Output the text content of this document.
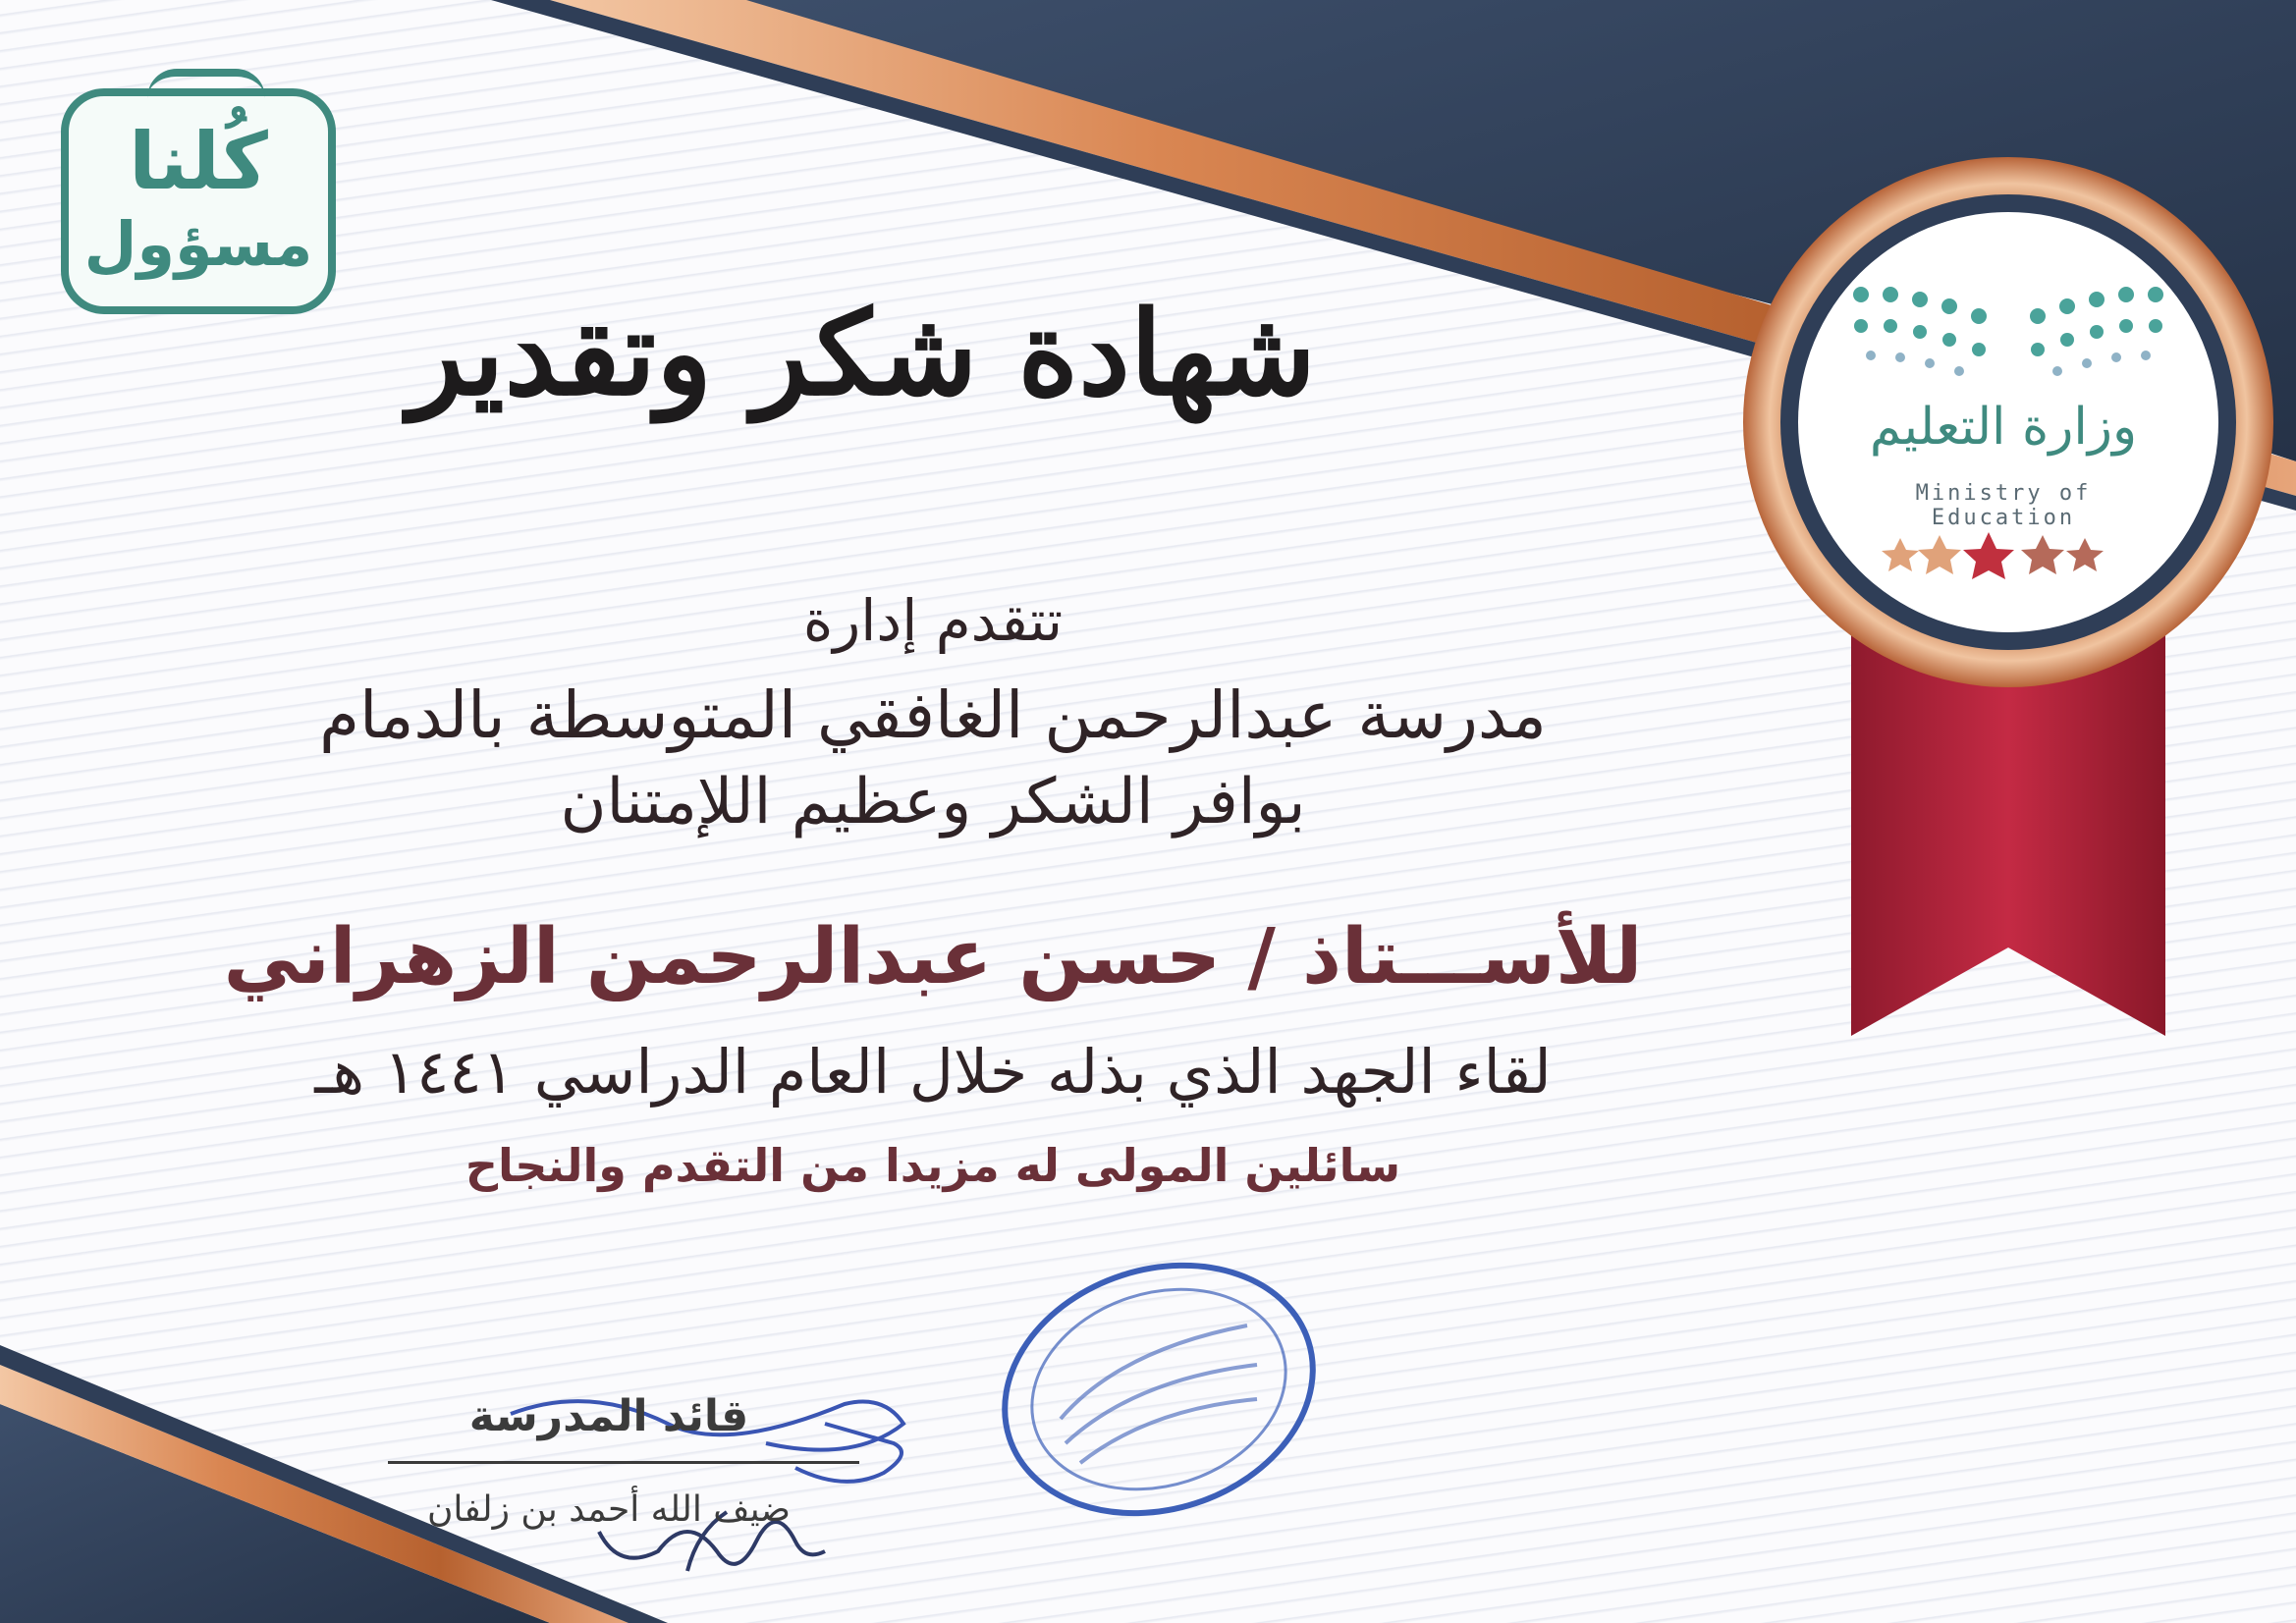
كُلنا
مسؤول
وزارة التعليم
Ministry of Education
شهادة شكر وتقدير
تتقدم إدارة
مدرسة عبدالرحمن الغافقي المتوسطة بالدمام
بوافر الشكر وعظيم اللإمتنان
للأســـتاذ / حسن عبدالرحمن الزهراني
لقاء الجهد الذي بذله خلال العام الدراسي ١٤٤١ هـ
سائلين المولى له مزيدا من التقدم والنجاح
قائد المدرسة
ضيف الله أحمد بن زلفان
